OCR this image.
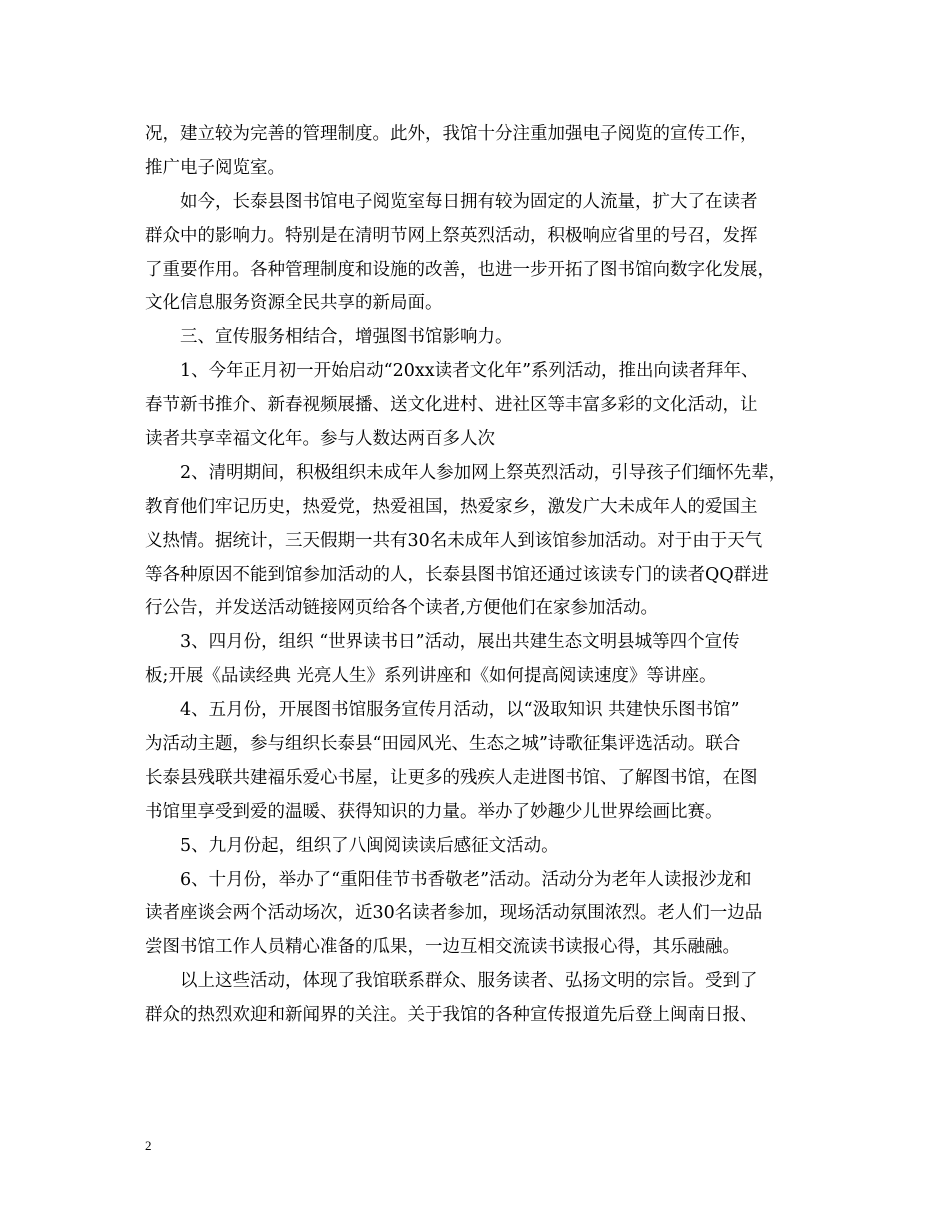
况，建立较为完善的管理制度。此外，我馆十分注重加强电子阅览的宣传工作，
推广电子阅览室。
如今，长泰县图书馆电子阅览室每日拥有较为固定的人流量，扩大了在读者
群众中的影响力。特别是在清明节网上祭英烈活动，积极响应省里的号召，发挥
了重要作用。各种管理制度和设施的改善，也进一步开拓了图书馆向数字化发展，
文化信息服务资源全民共享的新局面。
三、宣传服务相结合，增强图书馆影响力。
1、今年正月初一开始启动“20xx读者文化年”系列活动，推出向读者拜年、
春节新书推介、新春视频展播、送文化进村、进社区等丰富多彩的文化活动，让
读者共享幸福文化年。参与人数达两百多人次
2、清明期间，积极组织未成年人参加网上祭英烈活动，引导孩子们缅怀先辈，
教育他们牢记历史，热爱党，热爱祖国，热爱家乡，激发广大未成年人的爱国主
义热情。据统计，三天假期一共有30名未成年人到该馆参加活动。对于由于天气
等各种原因不能到馆参加活动的人，长泰县图书馆还通过该读专门的读者QQ群进
行公告，并发送活动链接网页给各个读者,方便他们在家参加活动。
3、四月份，组织 “世界读书日”活动，展出共建生态文明县城等四个宣传
板;开展《品读经典 光亮人生》系列讲座和《如何提高阅读速度》等讲座。
4、五月份，开展图书馆服务宣传月活动，以“汲取知识 共建快乐图书馆”
为活动主题，参与组织长泰县“田园风光、生态之城”诗歌征集评选活动。联合
长泰县残联共建福乐爱心书屋，让更多的残疾人走进图书馆、了解图书馆，在图
书馆里享受到爱的温暖、获得知识的力量。举办了妙趣少儿世界绘画比赛。
5、九月份起，组织了八闽阅读读后感征文活动。
6、十月份，举办了“重阳佳节书香敬老”活动。活动分为老年人读报沙龙和
读者座谈会两个活动场次，近30名读者参加，现场活动氛围浓烈。老人们一边品
尝图书馆工作人员精心准备的瓜果，一边互相交流读书读报心得，其乐融融。
以上这些活动，体现了我馆联系群众、服务读者、弘扬文明的宗旨。受到了
群众的热烈欢迎和新闻界的关注。关于我馆的各种宣传报道先后登上闽南日报、
2
